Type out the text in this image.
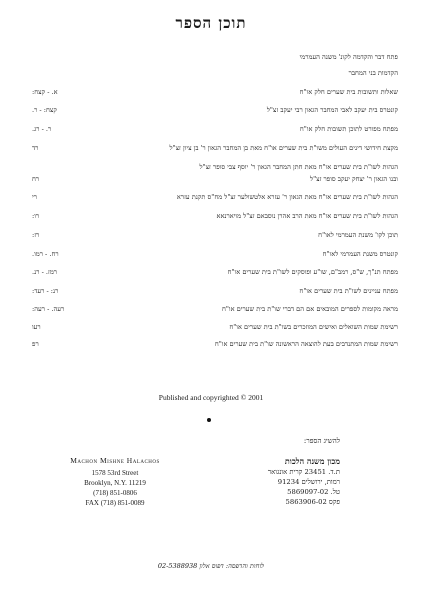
תוכן הספר
פתח דבר והקדמה לקונ' משנה העמרמי
הקדמות בני המחבר
שאלות ותשובות בית שערים חלק או"ח
א. - קצח:
קונטרס בית יעקב לאבי המחבר הגאון רבי יעקב זצ"ל
קצח: - ר.
מפתח מפורט לתוכן תשובות חלק או"ח
ר. - רג.
מקצת חידושי דינים העולים משו"ת בית שערים או"ח מאת בן המחבר הגאון ר' בן ציון זצ"ל
רד
הגהות לשו"ת בית שערים או"ח מאת חתן המחבר הגאון ר' יוסף צבי סופר זצ"ל
ובנו הגאון ר' יצחק יעקב סופר זצ"ל
רח
הגהות לשו"ת בית שערים או"ח מאת הגאון ר' עזרא אלטשולער זצ"ל מח"ס תקנת עזרא
רי
הגהות לשו"ת בית שערים או"ח מאת הרב אהרן נוסבאם זצ"ל מויארנאא
רו:
תוכן לקו' משנת העמרמי לאו"ח
רז:
קונטרס משנת העמרמי לאו"ח
רח. - רמו.
מפתח תנ"ך, ש"ס, רמב"ם, שו"ע ופוסקים לשו"ת בית שערים או"ח
רמז. - רנ.
מפתח עניינים לשו"ת בית שערים או"ח
רנ: - רעד:
מראה מקומות לספרים המובאים אם הם דברי שו"ת בית שערים או"ח
רעה. - רעה:
רשימת שמות השואלים ואישים המוזכרים בשו"ת בית שערים או"ח
רעו
רשימת שמות המתנדבים בעת להוצאה הראשונה שו"ת בית שערים או"ח
רפ
Published and copyrighted © 2001
להשיג הספר:
Machon Mishne Halachos
1578 53rd Street
Brooklyn, N.Y. 11219
(718) 851-0806
FAX (718) 851-0089
מכון משנה הלכות
ת.ד. 23451 קרית אונגואר
רמות, ירושלים 91234
טל. 5869097-02
פקס 5863906-02
לוחות והדפסה: דפוס אלון 02-5388938
